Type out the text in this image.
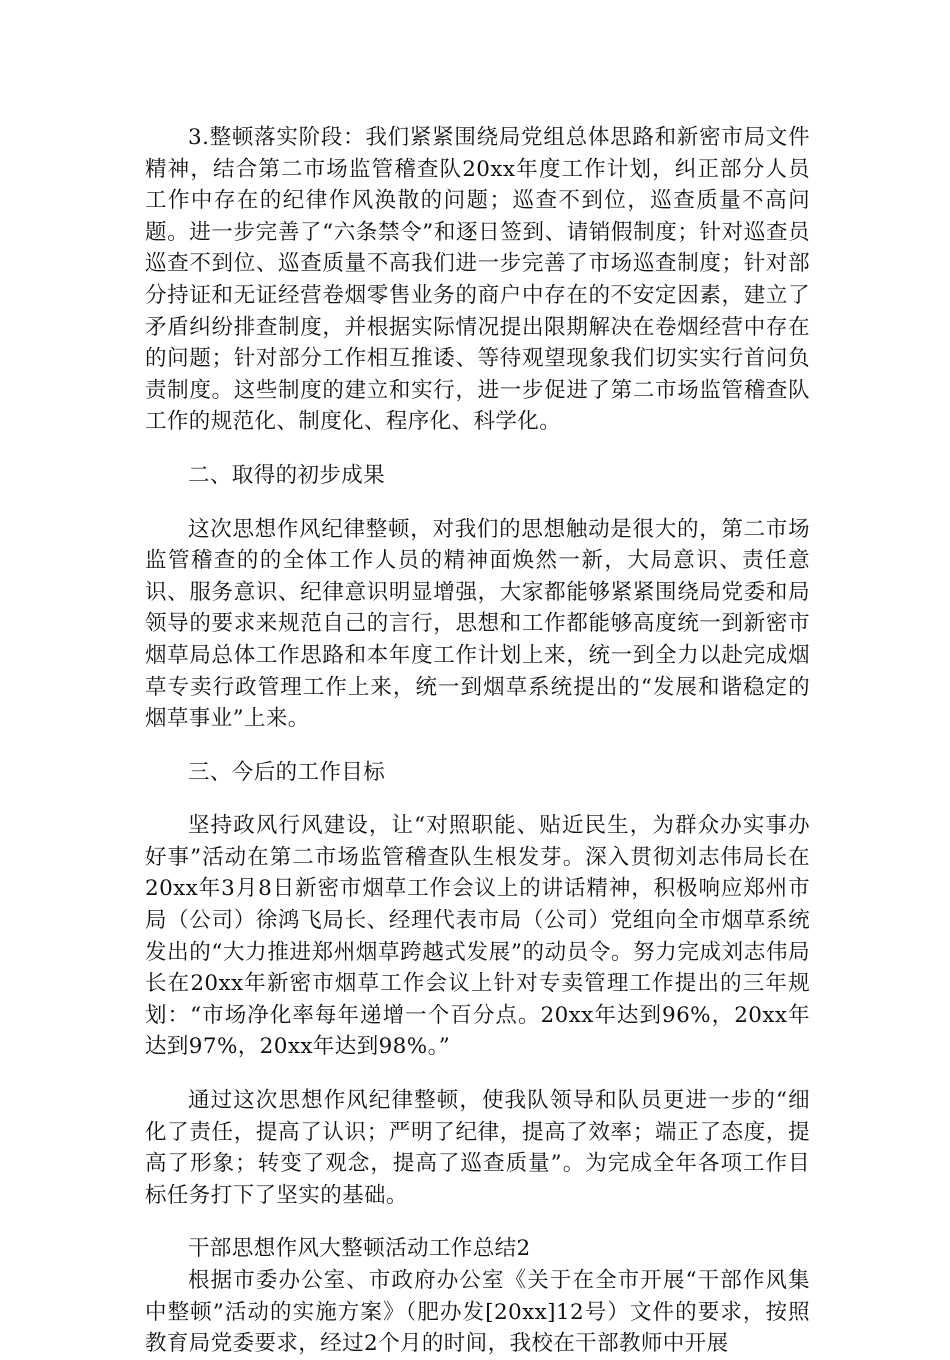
3.整顿落实阶段：我们紧紧围绕局党组总体思路和新密市局文件精神，结合第二市场监管稽查队20xx年度工作计划，纠正部分人员工作中存在的纪律作风涣散的问题；巡查不到位，巡查质量不高问题。进一步完善了“六条禁令”和逐日签到、请销假制度；针对巡查员巡查不到位、巡查质量不高我们进一步完善了市场巡查制度；针对部分持证和无证经营卷烟零售业务的商户中存在的不安定因素，建立了矛盾纠纷排查制度，并根据实际情况提出限期解决在卷烟经营中存在的问题；针对部分工作相互推诿、等待观望现象我们切实实行首问负责制度。这些制度的建立和实行，进一步促进了第二市场监管稽查队工作的规范化、制度化、程序化、科学化。

二、取得的初步成果

这次思想作风纪律整顿，对我们的思想触动是很大的，第二市场监管稽查的的全体工作人员的精神面焕然一新，大局意识、责任意识、服务意识、纪律意识明显增强，大家都能够紧紧围绕局党委和局领导的要求来规范自己的言行，思想和工作都能够高度统一到新密市烟草局总体工作思路和本年度工作计划上来，统一到全力以赴完成烟草专卖行政管理工作上来，统一到烟草系统提出的“发展和谐稳定的烟草事业”上来。

三、今后的工作目标

坚持政风行风建设，让“对照职能、贴近民生，为群众办实事办好事”活动在第二市场监管稽查队生根发芽。深入贯彻刘志伟局长在20xx年3月8日新密市烟草工作会议上的讲话精神，积极响应郑州市局（公司）徐鸿飞局长、经理代表市局（公司）党组向全市烟草系统发出的“大力推进郑州烟草跨越式发展”的动员令。努力完成刘志伟局长在20xx年新密市烟草工作会议上针对专卖管理工作提出的三年规划：“市场净化率每年递增一个百分点。20xx年达到96%，20xx年达到97%，20xx年达到98%。”

通过这次思想作风纪律整顿，使我队领导和队员更进一步的“细化了责任，提高了认识；严明了纪律，提高了效率；端正了态度，提高了形象；转变了观念，提高了巡查质量”。为完成全年各项工作目标任务打下了坚实的基础。

干部思想作风大整顿活动工作总结2

根据市委办公室、市政府办公室《关于在全市开展“干部作风集中整顿”活动的实施方案》（肥办发[20xx]12号）文件的要求，按照教育局党委要求，经过2个月的时间，我校在干部教师中开展
